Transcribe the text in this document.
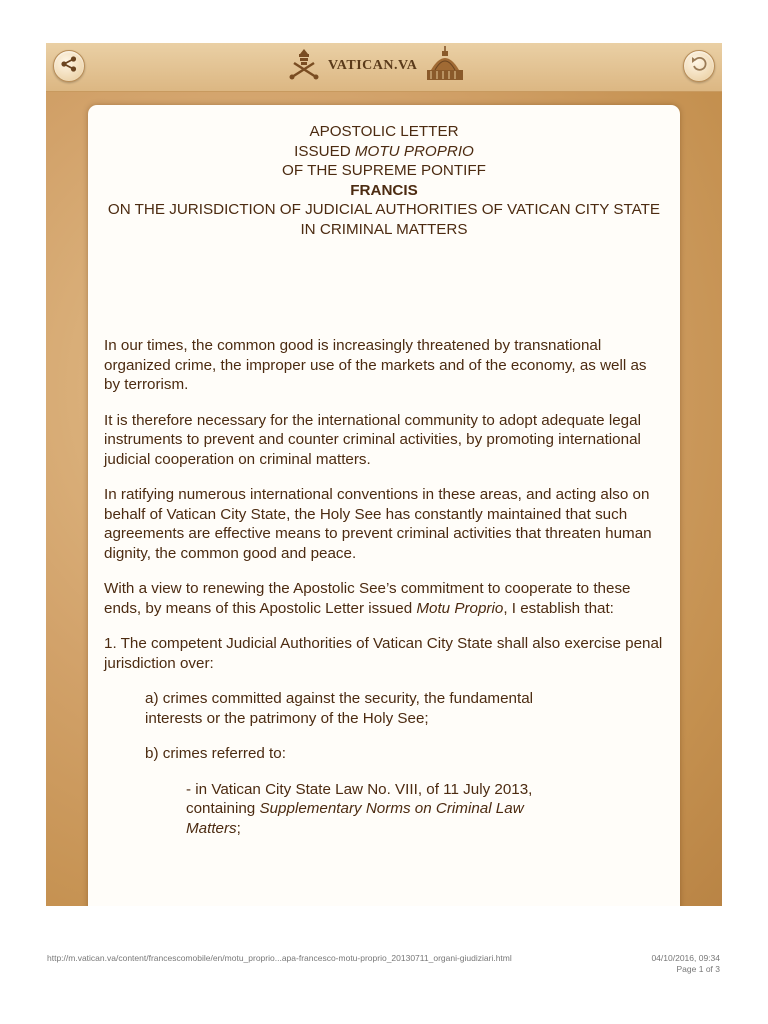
VATICAN.VA

APOSTOLIC LETTER

ISSUED MOTU PROPRIO

OF THE SUPREME PONTIFF

FRANCIS

ON THE JURISDICTION OF JUDICIAL AUTHORITIES OF VATICAN CITY STATE

IN CRIMINAL MATTERS

In our times, the common good is increasingly threatened by transnational organized crime, the improper use of the markets and of the economy, as well as by terrorism.

It is therefore necessary for the international community to adopt adequate legal instruments to prevent and counter criminal activities, by promoting international judicial cooperation on criminal matters.

In ratifying numerous international conventions in these areas, and acting also on behalf of Vatican City State, the Holy See has constantly maintained that such agreements are effective means to prevent criminal activities that threaten human dignity, the common good and peace.

With a view to renewing the Apostolic See’s commitment to cooperate to these ends, by means of this Apostolic Letter issued Motu Proprio, I establish that:

1. The competent Judicial Authorities of Vatican City State shall also exercise penal jurisdiction over:

a) crimes committed against the security, the fundamental interests or the patrimony of the Holy See;

b) crimes referred to:

- in Vatican City State Law No. VIII, of 11 July 2013, containing Supplementary Norms on Criminal Law Matters;

http://m.vatican.va/content/francescomobile/en/motu_proprio...apa-francesco-motu-proprio_20130711_organi-giudiziari.html	04/10/2016, 09:34
Page 1 of 3
